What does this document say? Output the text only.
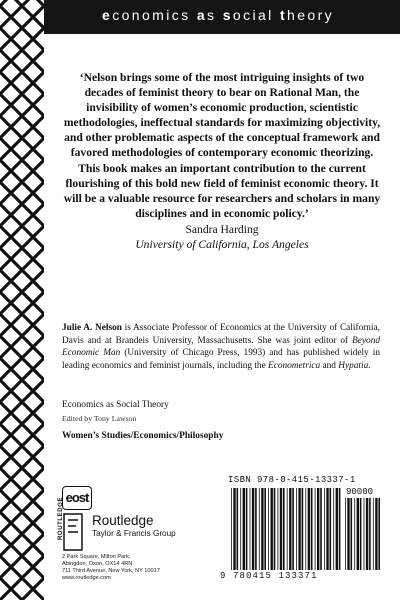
economics as social theory
‘Nelson brings some of the most intriguing insights of two decades of feminist theory to bear on Rational Man, the invisibility of women’s economic production, scientistic methodologies, ineffectual standards for maximizing objectivity, and other problematic aspects of the conceptual framework and favored methodologies of contemporary economic theorizing. This book makes an important contribution to the current flourishing of this bold new field of feminist economic theory. It will be a valuable resource for researchers and scholars in many disciplines and in economic policy.’
Sandra Harding
University of California, Los Angeles
Julie A. Nelson is Associate Professor of Economics at the University of California, Davis and at Brandeis University, Massachusetts. She was joint editor of Beyond Economic Man (University of Chicago Press, 1993) and has published widely in leading economics and feminist journals, including the Econometrica and Hypatia.
Economics as Social Theory
Edited by Tony Lawson
Women’s Studies/Economics/Philosophy
eost
ROUTLEDGE Routledge
Taylor & Francis Group
2 Park Square, Milton Park,
Abingdon, Oxon, OX14 4RN
711 Third Avenue, New York, NY 10017
www.routledge.com
ISBN 978-0-415-13337-1
90000
9 780415 133371
